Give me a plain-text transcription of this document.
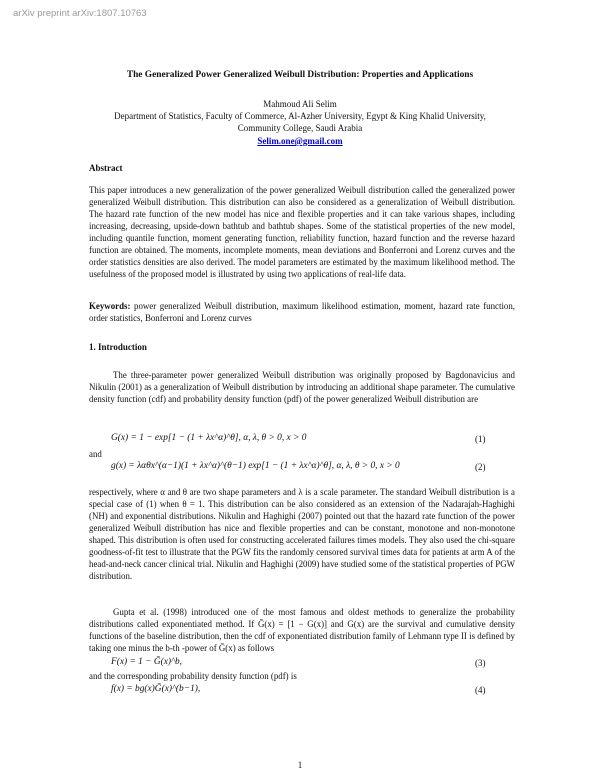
arXiv preprint arXiv:1807.10763
The Generalized Power Generalized Weibull Distribution: Properties and Applications
Mahmoud Ali Selim
Department of Statistics, Faculty of Commerce, Al-Azher University, Egypt & King Khalid University, Community College, Saudi Arabia
Selim.one@gmail.com
Abstract
This paper introduces a new generalization of the power generalized Weibull distribution called the generalized power generalized Weibull distribution. This distribution can also be considered as a generalization of Weibull distribution. The hazard rate function of the new model has nice and flexible properties and it can take various shapes, including increasing, decreasing, upside-down bathtub and bathtub shapes. Some of the statistical properties of the new model, including quantile function, moment generating function, reliability function, hazard function and the reverse hazard function are obtained. The moments, incomplete moments, mean deviations and Bonferroni and Lorenz curves and the order statistics densities are also derived. The model parameters are estimated by the maximum likelihood method. The usefulness of the proposed model is illustrated by using two applications of real-life data.
Keywords: power generalized Weibull distribution, maximum likelihood estimation, moment, hazard rate function, order statistics, Bonferroni and Lorenz curves
1. Introduction
The three-parameter power generalized Weibull distribution was originally proposed by Bagdonavicius and Nikulin (2001) as a generalization of Weibull distribution by introducing an additional shape parameter. The cumulative density function (cdf) and probability density function (pdf) of the power generalized Weibull distribution are
G(x) = 1 − exp[1 − (1 + λx^α)^θ], α, λ, θ > 0, x > 0	(1)
and
g(x) = λαθx^(α−1)(1 + λx^α)^(θ−1) exp[1 − (1 + λx^α)^θ], α, λ, θ > 0, x > 0	(2)
respectively, where α and θ are two shape parameters and λ is a scale parameter. The standard Weibull distribution is a special case of (1) when θ = 1. This distribution can be also considered as an extension of the Nadarajah-Haghighi (NH) and exponential distributions. Nikulin and Haghighi (2007) pointed out that the hazard rate function of the power generalized Weibull distribution has nice and flexible properties and can be constant, monotone and non-monotone shaped. This distribution is often used for constructing accelerated failures times models. They also used the chi-square goodness-of-fit test to illustrate that the PGW fits the randomly censored survival times data for patients at arm A of the head-and-neck cancer clinical trial. Nikulin and Haghighi (2009) have studied some of the statistical properties of PGW distribution.
Gupta et al. (1998) introduced one of the most famous and oldest methods to generalize the probability distributions called exponentiated method. If Ḡ(x) = [1 − G(x)] and G(x) are the survival and cumulative density functions of the baseline distribution, then the cdf of exponentiated distribution family of Lehmann type II is defined by taking one minus the b-th -power of Ḡ(x) as follows
F(x) = 1 − Ḡ(x)^b,	(3)
and the corresponding probability density function (pdf) is
f(x) = bg(x)Ḡ(x)^(b−1),	(4)
1
